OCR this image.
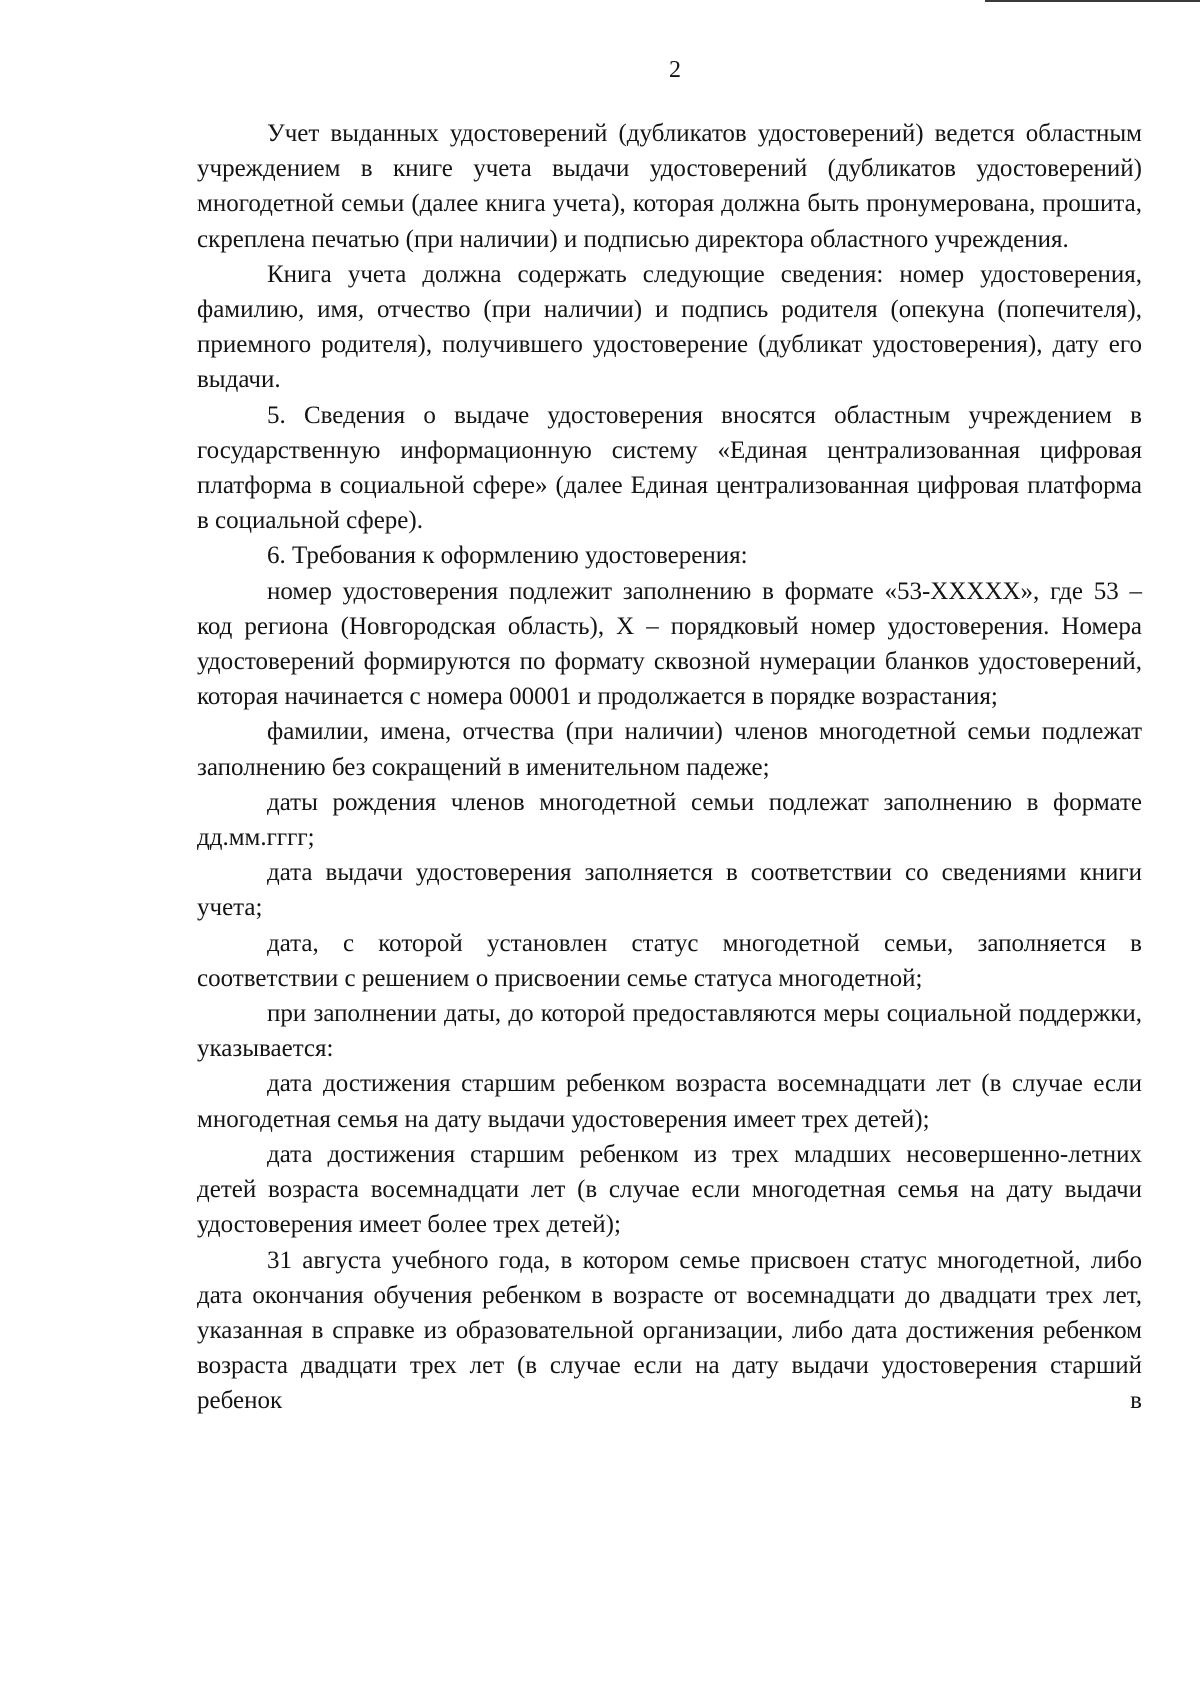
2

Учет выданных удостоверений (дубликатов удостоверений) ведется областным учреждением в книге учета выдачи удостоверений (дубликатов удостоверений) многодетной семьи (далее книга учета), которая должна быть пронумерована, прошита, скреплена печатью (при наличии) и подписью директора областного учреждения.

Книга учета должна содержать следующие сведения: номер удостоверения, фамилию, имя, отчество (при наличии) и подпись родителя (опекуна (попечителя), приемного родителя), получившего удостоверение (дубликат удостоверения), дату его выдачи.

5. Сведения о выдаче удостоверения вносятся областным учреждением в государственную информационную систему «Единая централизованная цифровая платформа в социальной сфере» (далее Единая централизованная цифровая платформа в социальной сфере).

6. Требования к оформлению удостоверения:

номер удостоверения подлежит заполнению в формате «53-XXXXX», где 53 – код региона (Новгородская область), Х – порядковый номер удостоверения. Номера удостоверений формируются по формату сквозной нумерации бланков удостоверений, которая начинается с номера 00001 и продолжается в порядке возрастания;

фамилии, имена, отчества (при наличии) членов многодетной семьи подлежат заполнению без сокращений в именительном падеже;

даты рождения членов многодетной семьи подлежат заполнению в формате дд.мм.гггг;

дата выдачи удостоверения заполняется в соответствии со сведениями книги учета;

дата, с которой установлен статус многодетной семьи, заполняется в соответствии с решением о присвоении семье статуса многодетной;

при заполнении даты, до которой предоставляются меры социальной поддержки, указывается:

дата достижения старшим ребенком возраста восемнадцати лет (в случае если многодетная семья на дату выдачи удостоверения имеет трех детей);

дата достижения старшим ребенком из трех младших несовершенно-летних детей возраста восемнадцати лет (в случае если многодетная семья на дату выдачи удостоверения имеет более трех детей);

31 августа учебного года, в котором семье присвоен статус многодетной, либо дата окончания обучения ребенком в возрасте от восемнадцати до двадцати трех лет, указанная в справке из образовательной организации, либо дата достижения ребенком возраста двадцати трех лет (в случае если на дату выдачи удостоверения старший ребенок в
